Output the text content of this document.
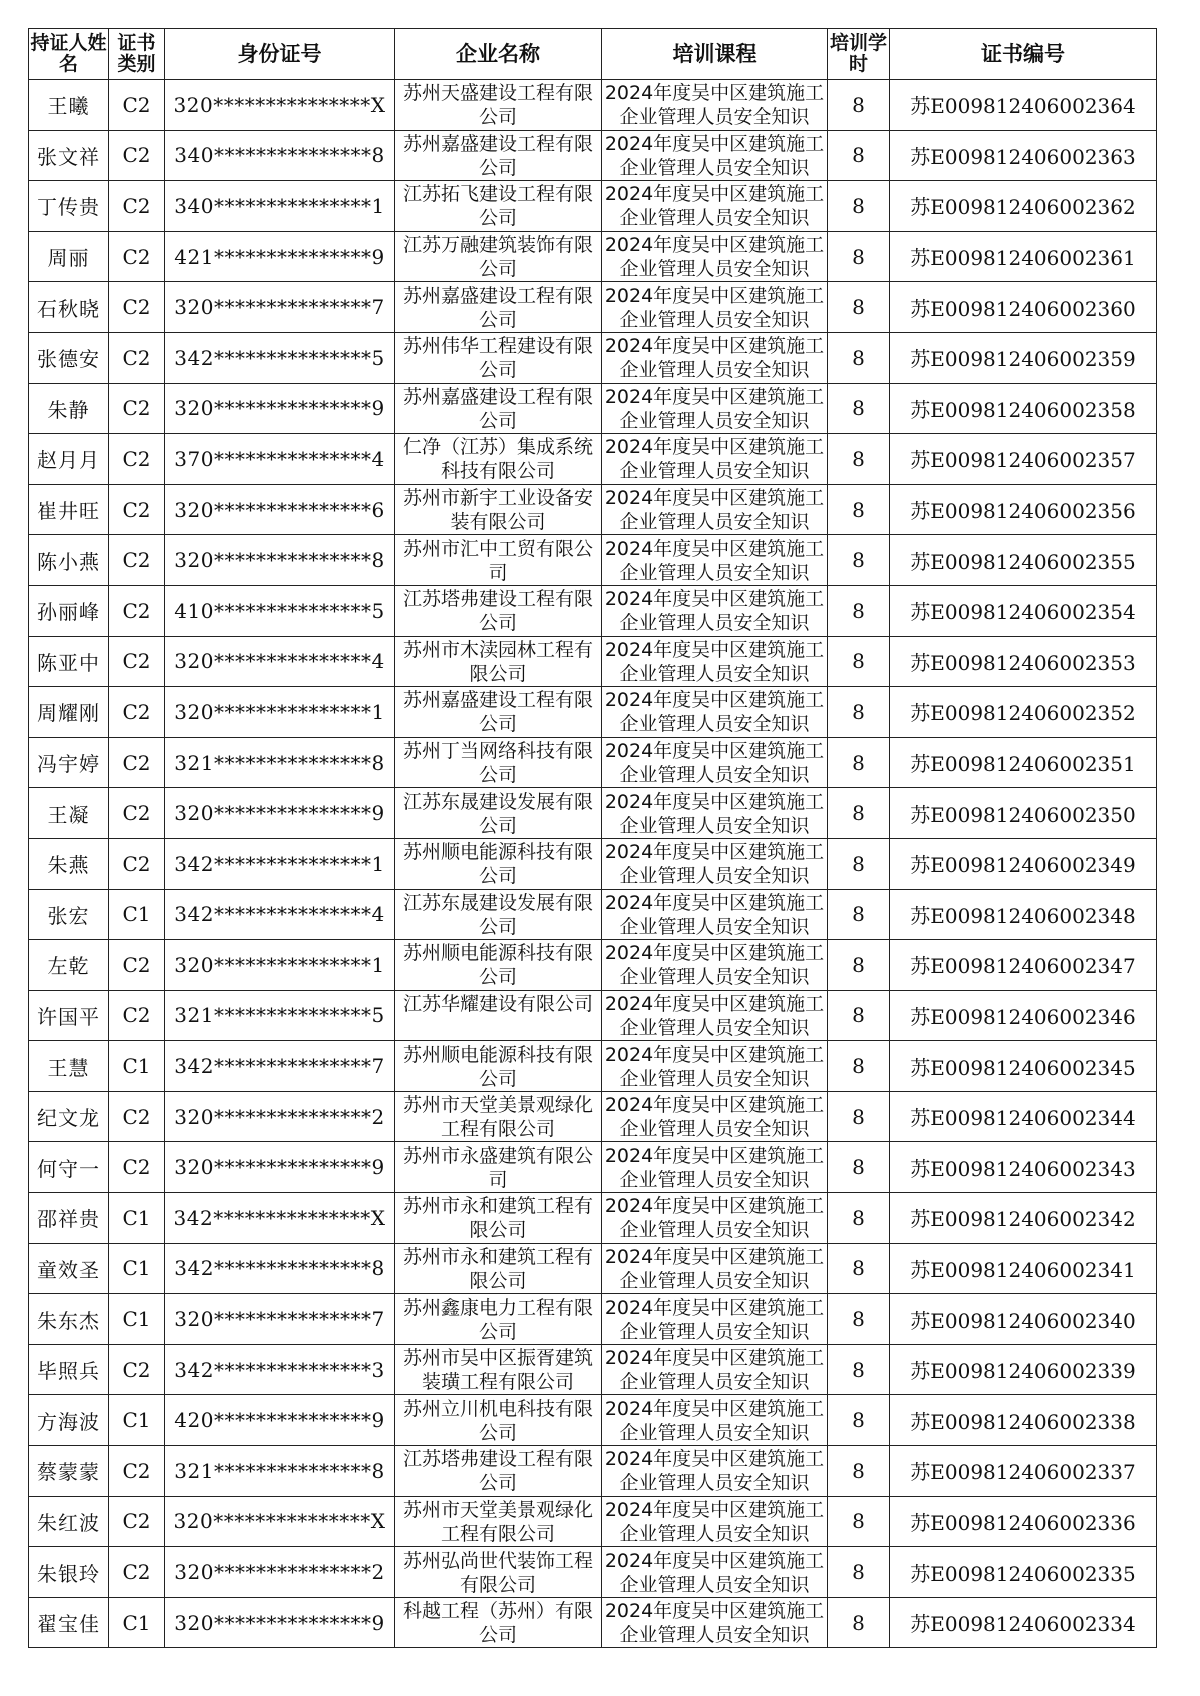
持证人姓名	证书类别	身份证号	企业名称	培训课程	培训学时	证书编号
王曦	C2	320***************X	苏州天盛建设工程有限公司	2024年度吴中区建筑施工企业管理人员安全知识	8	苏E009812406002364
张文祥	C2	340***************8	苏州嘉盛建设工程有限公司	2024年度吴中区建筑施工企业管理人员安全知识	8	苏E009812406002363
丁传贵	C2	340***************1	江苏拓飞建设工程有限公司	2024年度吴中区建筑施工企业管理人员安全知识	8	苏E009812406002362
周丽	C2	421***************9	江苏万融建筑装饰有限公司	2024年度吴中区建筑施工企业管理人员安全知识	8	苏E009812406002361
石秋晓	C2	320***************7	苏州嘉盛建设工程有限公司	2024年度吴中区建筑施工企业管理人员安全知识	8	苏E009812406002360
张德安	C2	342***************5	苏州伟华工程建设有限公司	2024年度吴中区建筑施工企业管理人员安全知识	8	苏E009812406002359
朱静	C2	320***************9	苏州嘉盛建设工程有限公司	2024年度吴中区建筑施工企业管理人员安全知识	8	苏E009812406002358
赵月月	C2	370***************4	仁净（江苏）集成系统科技有限公司	2024年度吴中区建筑施工企业管理人员安全知识	8	苏E009812406002357
崔井旺	C2	320***************6	苏州市新宇工业设备安装有限公司	2024年度吴中区建筑施工企业管理人员安全知识	8	苏E009812406002356
陈小燕	C2	320***************8	苏州市汇中工贸有限公司	2024年度吴中区建筑施工企业管理人员安全知识	8	苏E009812406002355
孙丽峰	C2	410***************5	江苏塔弗建设工程有限公司	2024年度吴中区建筑施工企业管理人员安全知识	8	苏E009812406002354
陈亚中	C2	320***************4	苏州市木渎园林工程有限公司	2024年度吴中区建筑施工企业管理人员安全知识	8	苏E009812406002353
周耀刚	C2	320***************1	苏州嘉盛建设工程有限公司	2024年度吴中区建筑施工企业管理人员安全知识	8	苏E009812406002352
冯宇婷	C2	321***************8	苏州丁当网络科技有限公司	2024年度吴中区建筑施工企业管理人员安全知识	8	苏E009812406002351
王凝	C2	320***************9	江苏东晟建设发展有限公司	2024年度吴中区建筑施工企业管理人员安全知识	8	苏E009812406002350
朱燕	C2	342***************1	苏州顺电能源科技有限公司	2024年度吴中区建筑施工企业管理人员安全知识	8	苏E009812406002349
张宏	C1	342***************4	江苏东晟建设发展有限公司	2024年度吴中区建筑施工企业管理人员安全知识	8	苏E009812406002348
左乾	C2	320***************1	苏州顺电能源科技有限公司	2024年度吴中区建筑施工企业管理人员安全知识	8	苏E009812406002347
许国平	C2	321***************5	江苏华耀建设有限公司	2024年度吴中区建筑施工企业管理人员安全知识	8	苏E009812406002346
王慧	C1	342***************7	苏州顺电能源科技有限公司	2024年度吴中区建筑施工企业管理人员安全知识	8	苏E009812406002345
纪文龙	C2	320***************2	苏州市天堂美景观绿化工程有限公司	2024年度吴中区建筑施工企业管理人员安全知识	8	苏E009812406002344
何守一	C2	320***************9	苏州市永盛建筑有限公司	2024年度吴中区建筑施工企业管理人员安全知识	8	苏E009812406002343
邵祥贵	C1	342***************X	苏州市永和建筑工程有限公司	2024年度吴中区建筑施工企业管理人员安全知识	8	苏E009812406002342
童效圣	C1	342***************8	苏州市永和建筑工程有限公司	2024年度吴中区建筑施工企业管理人员安全知识	8	苏E009812406002341
朱东杰	C1	320***************7	苏州鑫康电力工程有限公司	2024年度吴中区建筑施工企业管理人员安全知识	8	苏E009812406002340
毕照兵	C2	342***************3	苏州市吴中区振胥建筑装璜工程有限公司	2024年度吴中区建筑施工企业管理人员安全知识	8	苏E009812406002339
方海波	C1	420***************9	苏州立川机电科技有限公司	2024年度吴中区建筑施工企业管理人员安全知识	8	苏E009812406002338
蔡蒙蒙	C2	321***************8	江苏塔弗建设工程有限公司	2024年度吴中区建筑施工企业管理人员安全知识	8	苏E009812406002337
朱红波	C2	320***************X	苏州市天堂美景观绿化工程有限公司	2024年度吴中区建筑施工企业管理人员安全知识	8	苏E009812406002336
朱银玲	C2	320***************2	苏州弘尚世代装饰工程有限公司	2024年度吴中区建筑施工企业管理人员安全知识	8	苏E009812406002335
翟宝佳	C1	320***************9	科越工程（苏州）有限公司	2024年度吴中区建筑施工企业管理人员安全知识	8	苏E009812406002334
